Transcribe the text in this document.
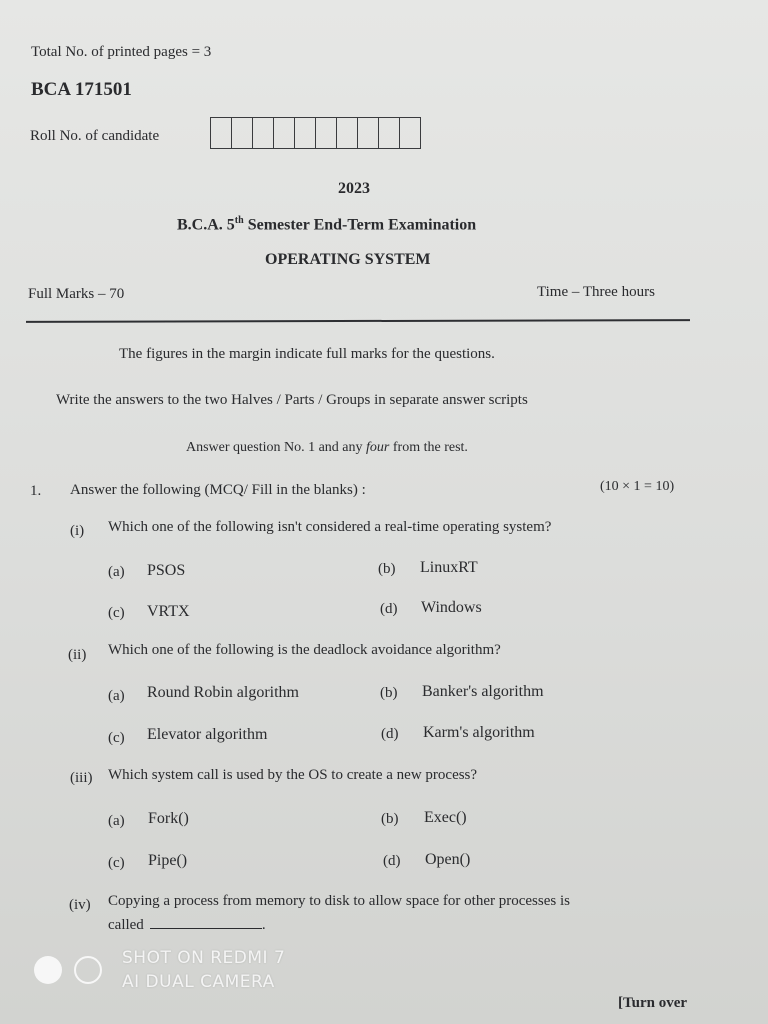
Total No. of printed pages = 3
BCA 171501
Roll No. of candidate
2023
B.C.A. 5th Semester End-Term Examination
OPERATING SYSTEM
Full Marks – 70	Time – Three hours
The figures in the margin indicate full marks for the questions.
Write the answers to the two Halves / Parts / Groups in separate answer scripts
Answer question No. 1 and any four from the rest.
1. Answer the following (MCQ/ Fill in the blanks) :	(10 × 1 = 10)
(i) Which one of the following isn't considered a real-time operating system?
(a) PSOS	(b) LinuxRT
(c) VRTX	(d) Windows
(ii) Which one of the following is the deadlock avoidance algorithm?
(a) Round Robin algorithm	(b) Banker's algorithm
(c) Elevator algorithm	(d) Karm's algorithm
(iii) Which system call is used by the OS to create a new process?
(a) Fork()	(b) Exec()
(c) Pipe()	(d) Open()
(iv) Copying a process from memory to disk to allow space for other processes is
called	.
[Turn over
SHOT ON REDMI 7
AI DUAL CAMERA
